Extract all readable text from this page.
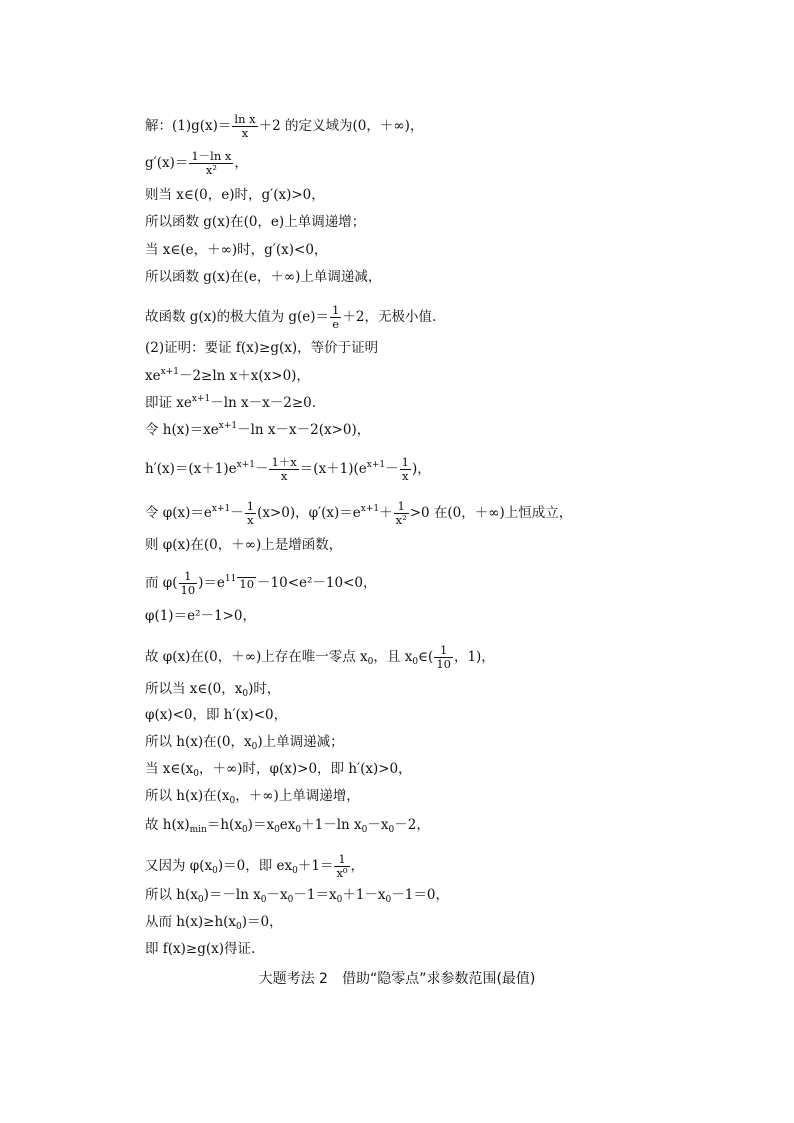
解：$(1)g(x)= \frac{\text{ln x}}{x} +2$ 的定义域为(0，＋∞)，
$g'(x)= \frac{\text{1－ln x}}{\text{x²}}$ ，
则当 x∈(0，e)时，g′(x)>0，
所以函数 g(x)在(0，e)上单调递增；
当 x∈(e，＋∞)时，g′(x)<0，
所以函数 g(x)在(e，＋∞)上单调递减，
故函数 g(x)的极大值为 $g(e)= \frac{1}{e} +2$，无极小值.
(2)证明：要证 f(x)≥g(x)，等价于证明
$xe^{x+1}-2\ge\ln$ x＋x(x>0)，
即证 $xe^{x+1}-\ln$ x－x－2≥0.
令 $h(x)=xe^{x+1}-\ln$ x－x－2(x>0)，
$h'(x)=(x+1)e^{x+1}- \frac{1+x}{x} =(x+1)(e^{x+1}- \frac{1}{x}$ )，
令 $\varphi(x)=e^{x+1}- \frac{1}{x} (x>0)$，$\varphi'(x)=e^{x+1}+ \frac{1}{\text{x²}} >0$ 在(0，＋∞)上恒成立，
则 φ(x)在(0，＋∞)上是增函数，
而 $\varphi( \frac{1}{10} )=e^{11}$ 10 －10<e²－10<0，
φ(1)＝e²－1>0，
故 φ(x)在(0，＋∞)上存在唯一零点 $x_0$，且 $x_0\in( \frac{1}{10}$ ，1)，
所以当 x∈(0，$x_0$)时，
φ(x)<0，即 h′(x)<0，
所以 h(x)在(0，$x_0$)上单调递减；
当 $x\in(x_0$，＋∞)时，φ(x)>0，即 h′(x)>0，
所以 h(x)在($x_0$，＋∞)上单调递增，
故 $h(x)_{min}=h(x_0)=x_0ex_0+1-\ln$ $x_0-x_0-2$，
又因为 $\varphi(x_0)=0$，即 $ex_0+1= \frac{1}{\text{x⁰}}$ ，
所以 $h(x_0)=-\ln$ $x_0-x_0-1=x_0+1-x_0-1=0$，
从而 $h(x)\ge h(x_0)=0$，
即 f(x)≥g(x)得证.
大题考法 2　借助“隐零点”求参数范围(最值)
